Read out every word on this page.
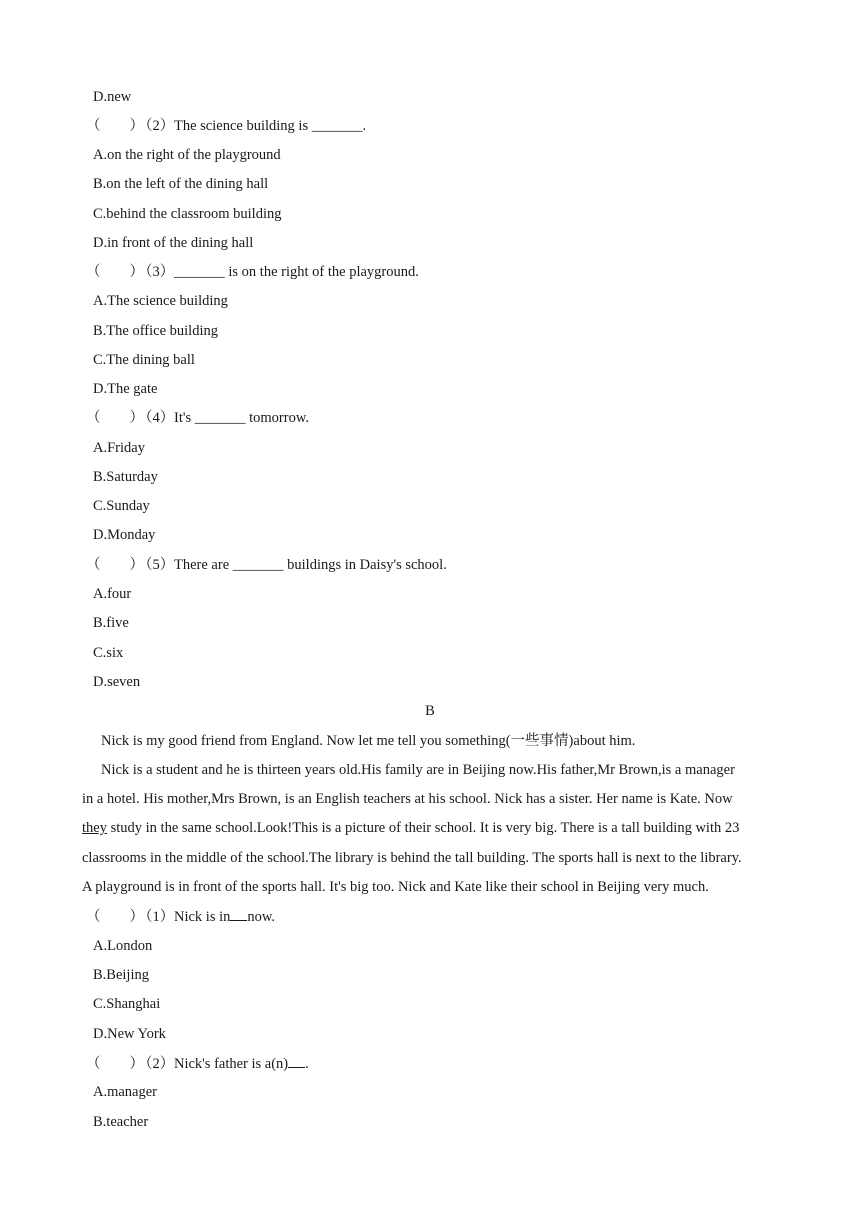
D.new
（　　）（2）The science building is _______.
A.on the right of the playground
B.on the left of the dining hall
C.behind the classroom building
D.in front of the dining hall
（　　）（3）_______ is on the right of the playground.
A.The science building
B.The office building
C.The dining ball
D.The gate
（　　）（4）It's _______ tomorrow.
A.Friday
B.Saturday
C.Sunday
D.Monday
（　　）（5）There are _______ buildings in Daisy's school.
A.four
B.five
C.six
D.seven
B
Nick is my good friend from England. Now let me tell you something(一些事情)about him.
Nick is a student and he is thirteen years old.His family are in Beijing now.His father,Mr Brown,is a manager
in a hotel. His mother,Mrs Brown, is an English teachers at his school. Nick has a sister. Her name is Kate. Now
they study in the same school.Look!This is a picture of their school. It is very big. There is a tall building with 23
classrooms in the middle of the school.The library is behind the tall building. The sports hall is next to the library.
A playground is in front of the sports hall. It's big too. Nick and Kate like their school in Beijing very much.
（　　）（1）Nick is in now.
A.London
B.Beijing
C.Shanghai
D.New York
（　　）（2）Nick's father is a(n) .
A.manager
B.teacher
